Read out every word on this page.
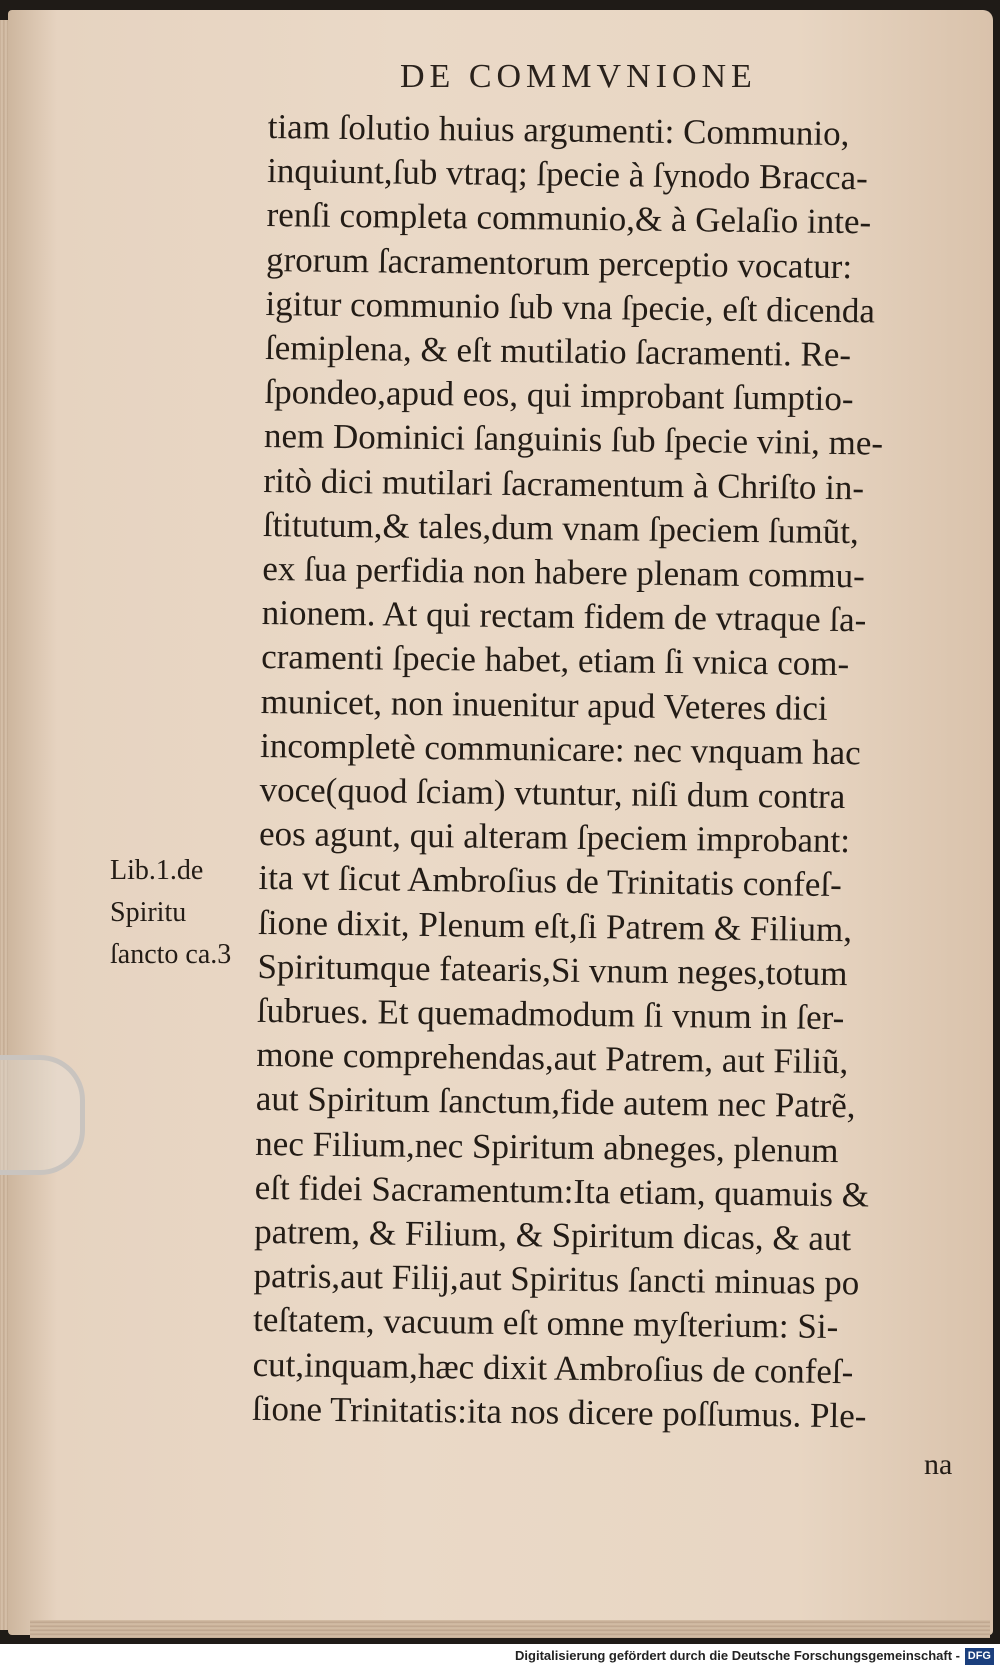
DE COMMVNIONE
tiam ſolutio huius argumenti: Communio,
inquiunt,ſub vtraq; ſpecie à ſynodo Bracca-
renſi completa communio,& à Gelaſio inte-
grorum ſacramentorum perceptio vocatur:
igitur communio ſub vna ſpecie, eſt dicenda
ſemiplena, & eſt mutilatio ſacramenti. Re-
ſpondeo,apud eos, qui improbant ſumptio-
nem Dominici ſanguinis ſub ſpecie vini, me-
ritò dici mutilari ſacramentum à Chriſto in-
ſtitutum,& tales,dum vnam ſpeciem ſumũt,
ex ſua perfidia non habere plenam commu-
nionem. At qui rectam fidem de vtraque ſa-
cramenti ſpecie habet, etiam ſi vnica com-
municet, non inuenitur apud Veteres dici
incompletè communicare: nec vnquam hac
voce(quod ſciam) vtuntur, niſi dum contra
eos agunt, qui alteram ſpeciem improbant:
ita vt ſicut Ambroſius de Trinitatis confeſ-
ſione dixit, Plenum eſt,ſi Patrem & Filium,
Spiritumque fatearis,Si vnum neges,totum
ſubrues. Et quemadmodum ſi vnum in ſer-
mone comprehendas,aut Patrem, aut Filiũ,
aut Spiritum ſanctum,fide autem nec Patrẽ,
nec Filium,nec Spiritum abneges, plenum
eſt fidei Sacramentum:Ita etiam, quamuis &
patrem, & Filium, & Spiritum dicas, & aut
patris,aut Filij,aut Spiritus ſancti minuas po
teſtatem, vacuum eſt omne myſterium: Si-
cut,inquam,hæc dixit Ambroſius de confeſ-
ſione Trinitatis:ita nos dicere poſſumus. Ple-
Lib.1.de
Spiritu
ſancto ca.3
na
Digitalisierung gefördert durch die Deutsche Forschungsgemeinschaft - DFG
